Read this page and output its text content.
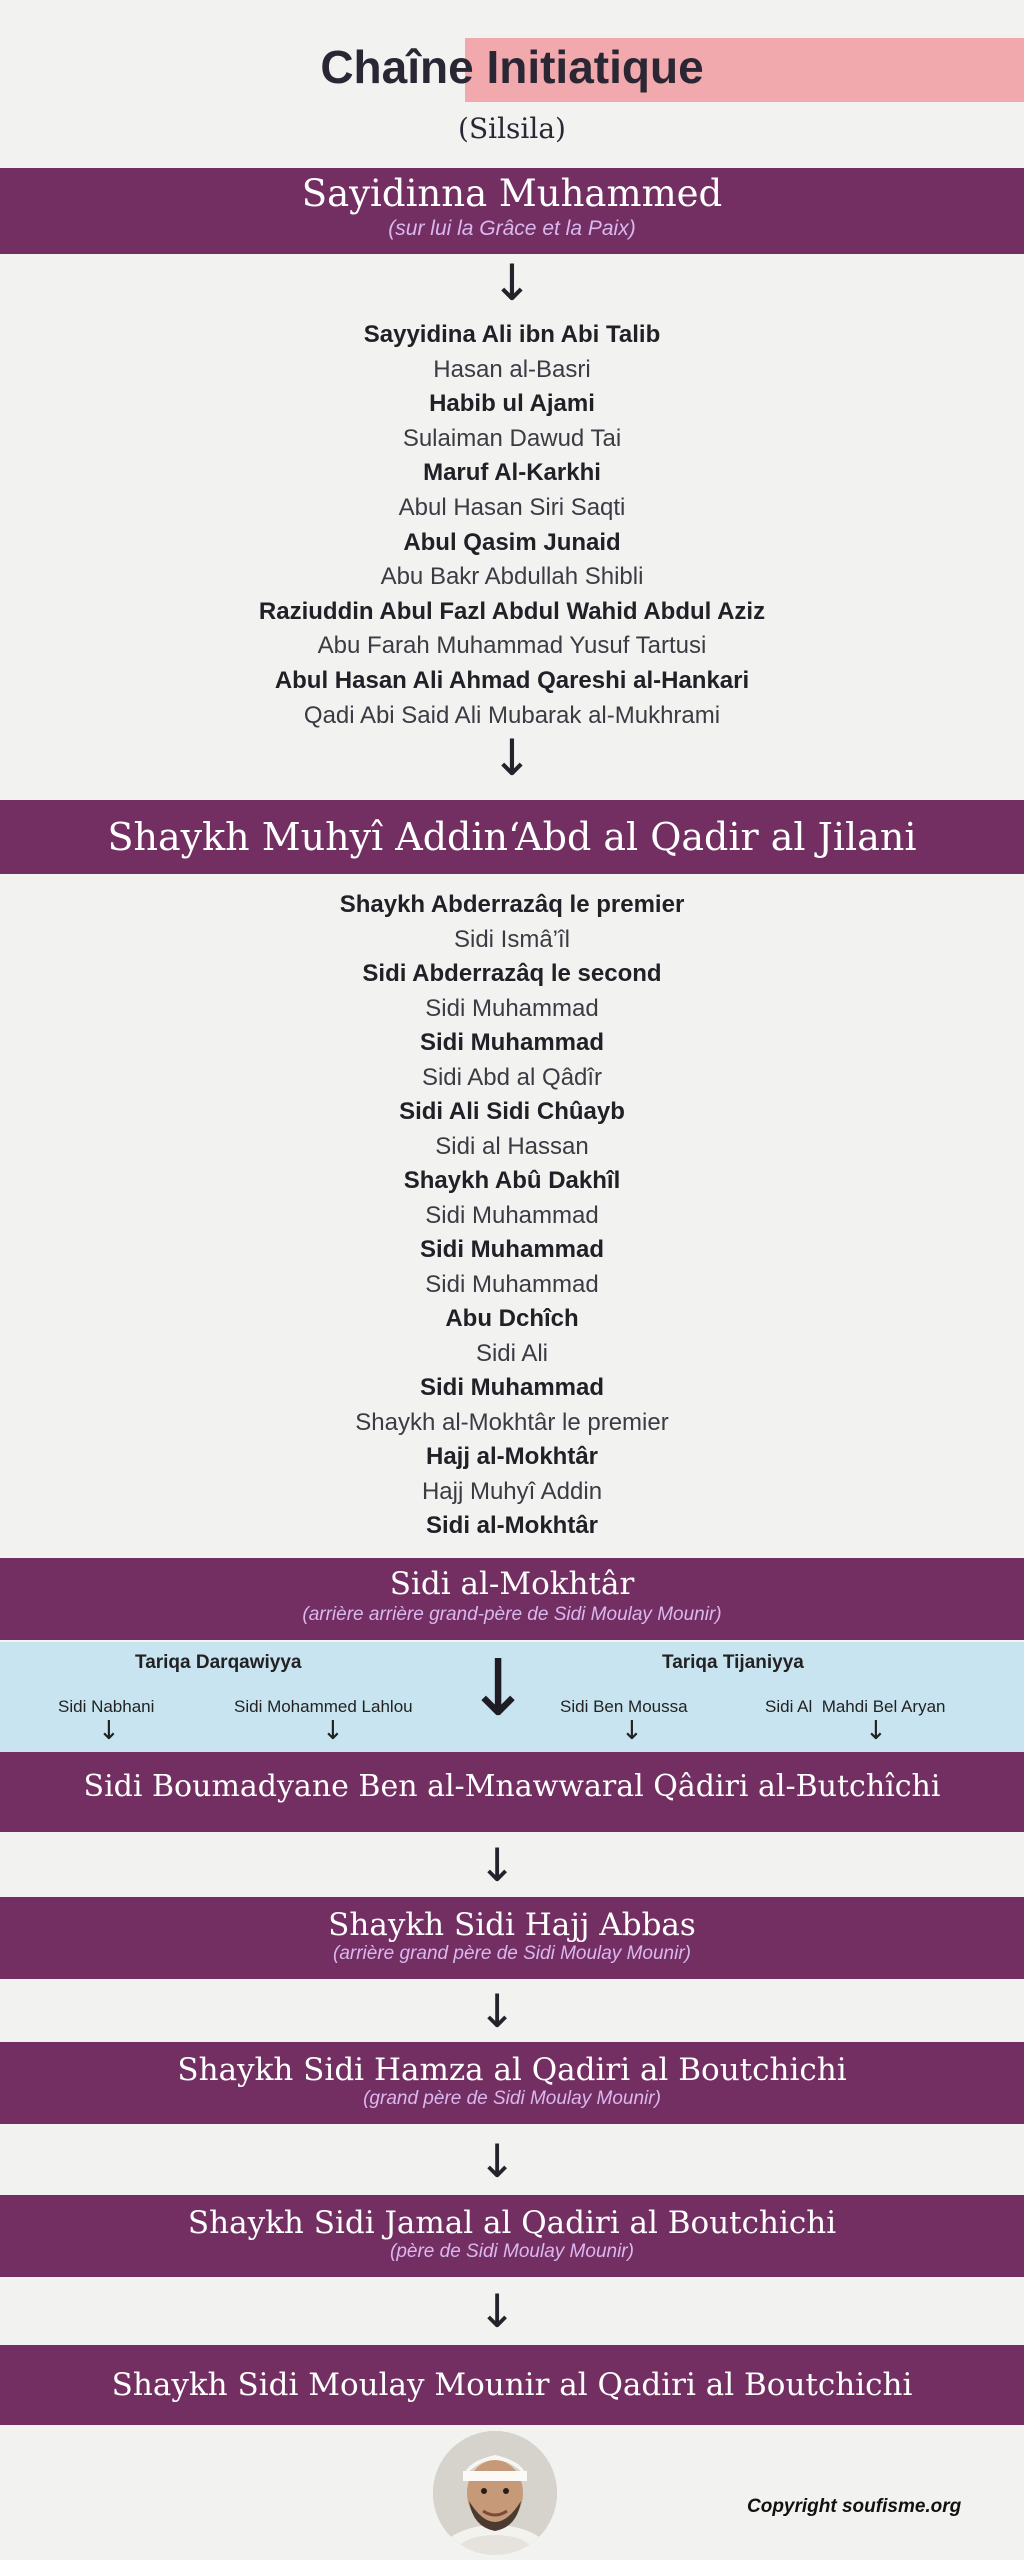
Chaîne Initiatique
(Silsila)
Sayidinna Muhammed
(sur lui la Grâce et la Paix)
↓
Sayyidina Ali ibn Abi Talib
Hasan al-Basri
Habib ul Ajami
Sulaiman Dawud Tai
Maruf Al-Karkhi
Abul Hasan Siri Saqti
Abul Qasim Junaid
Abu Bakr Abdullah Shibli
Raziuddin Abul Fazl Abdul Wahid Abdul Aziz
Abu Farah Muhammad Yusuf Tartusi
Abul Hasan Ali Ahmad Qareshi al-Hankari
Qadi Abi Said Ali Mubarak al-Mukhrami
↓
Shaykh Muhyî Addin‘Abd al Qadir al Jilani
Shaykh Abderrazâq le premier
Sidi Ismâ’îl
Sidi Abderrazâq le second
Sidi Muhammad
Sidi Muhammad
Sidi Abd al Qâdîr
Sidi Ali Sidi Chûayb
Sidi al Hassan
Shaykh Abû Dakhîl
Sidi Muhammad
Sidi Muhammad
Sidi Muhammad
Abu Dchîch
Sidi Ali
Sidi Muhammad
Shaykh al-Mokhtâr le premier
Hajj al-Mokhtâr
Hajj Muhyî Addin
Sidi al-Mokhtâr
Sidi al-Mokhtâr
(arrière arrière grand-père de Sidi Moulay Mounir)
Tariqa Darqawiyya	Tariqa Tijaniyya
Sidi Nabhani	Sidi Mohammed Lahlou	Sidi Ben Moussa	Sidi Al  Mahdi Bel Aryan
↓	↓	↓	↓
↓
Sidi Boumadyane Ben al-Mnawwaral Qâdiri al-Butchîchi
↓
Shaykh Sidi Hajj Abbas
(arrière grand père de Sidi Moulay Mounir)
↓
Shaykh Sidi Hamza al Qadiri al Boutchichi
(grand père de Sidi Moulay Mounir)
↓
Shaykh Sidi Jamal al Qadiri al Boutchichi
(père de Sidi Moulay Mounir)
↓
Shaykh Sidi Moulay Mounir al Qadiri al Boutchichi
Copyright soufisme.org
